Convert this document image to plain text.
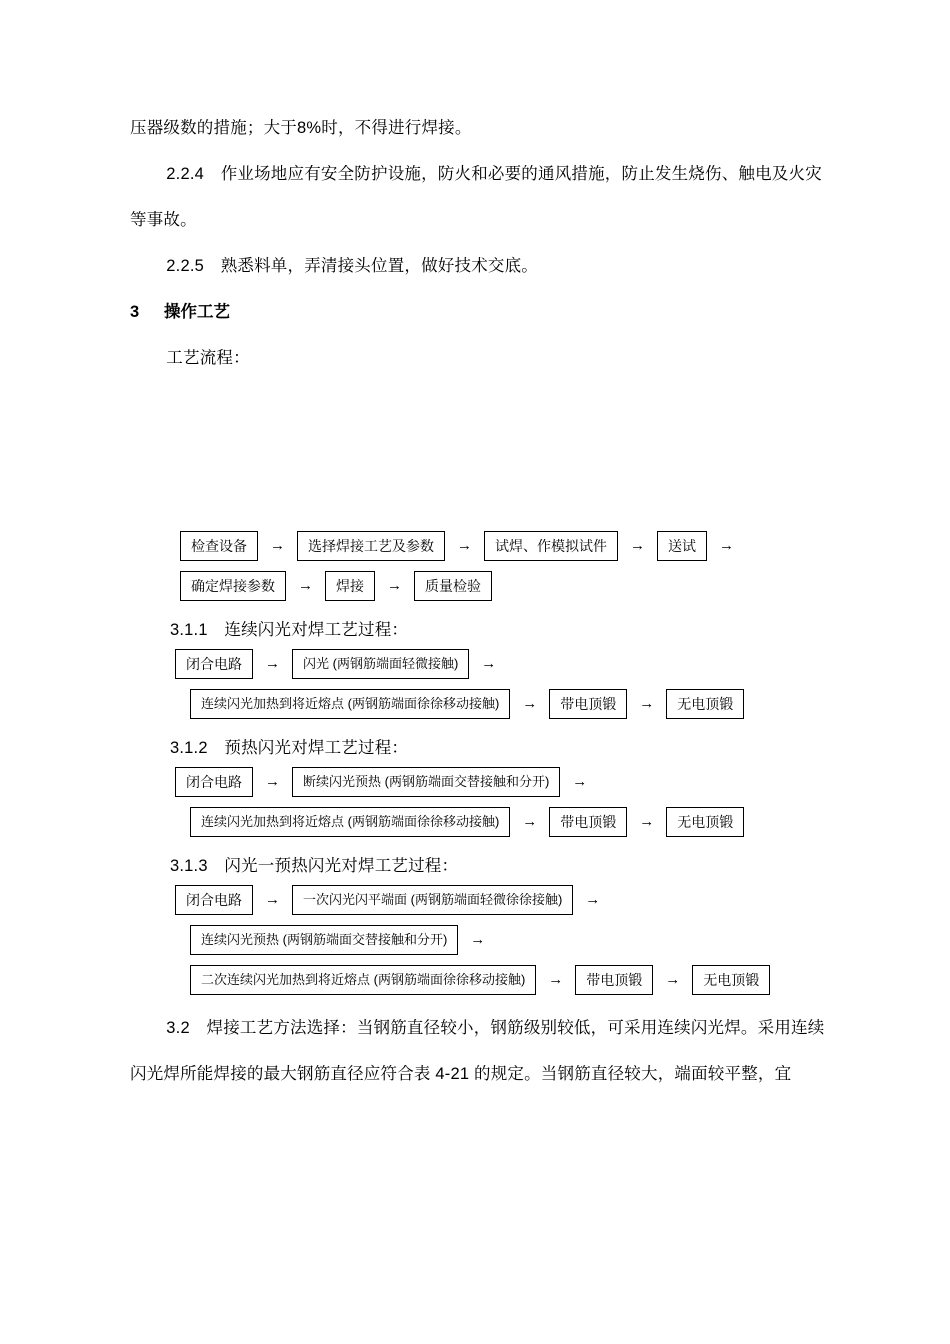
压器级数的措施；大于8%时，不得进行焊接。

2.2.4　作业场地应有安全防护设施，防火和必要的通风措施，防止发生烧伤、触电及火灾等事故。

2.2.5　熟悉料单，弄清接头位置，做好技术交底。

3 操作工艺

工艺流程：

检查设备	→	选择焊接工艺及参数	→	试焊、作模拟试件	→	送试	→
确定焊接参数	→	焊接	→	质量检验

3.1.1　连续闪光对焊工艺过程：

闭合电路	→	闪光 (两钢筋端面轻微接触)	→
连续闪光加热到将近熔点 (两钢筋端面徐徐移动接触)	→	带电顶锻	→	无电顶锻

3.1.2　预热闪光对焊工艺过程：

闭合电路	→	断续闪光预热 (两钢筋端面交替接触和分开)	→
连续闪光加热到将近熔点 (两钢筋端面徐徐移动接触)	→	带电顶锻	→	无电顶锻

3.1.3　闪光一预热闪光对焊工艺过程：

闭合电路	→	一次闪光闪平端面 (两钢筋端面轻微徐徐接触)	→
连续闪光预热 (两钢筋端面交替接触和分开)	→
二次连续闪光加热到将近熔点 (两钢筋端面徐徐移动接触)	→	带电顶锻	→	无电顶锻

3.2　焊接工艺方法选择：当钢筋直径较小，钢筋级别较低，可采用连续闪光焊。采用连续闪光焊所能焊接的最大钢筋直径应符合表 4-21 的规定。当钢筋直径较大，端面较平整，宜
